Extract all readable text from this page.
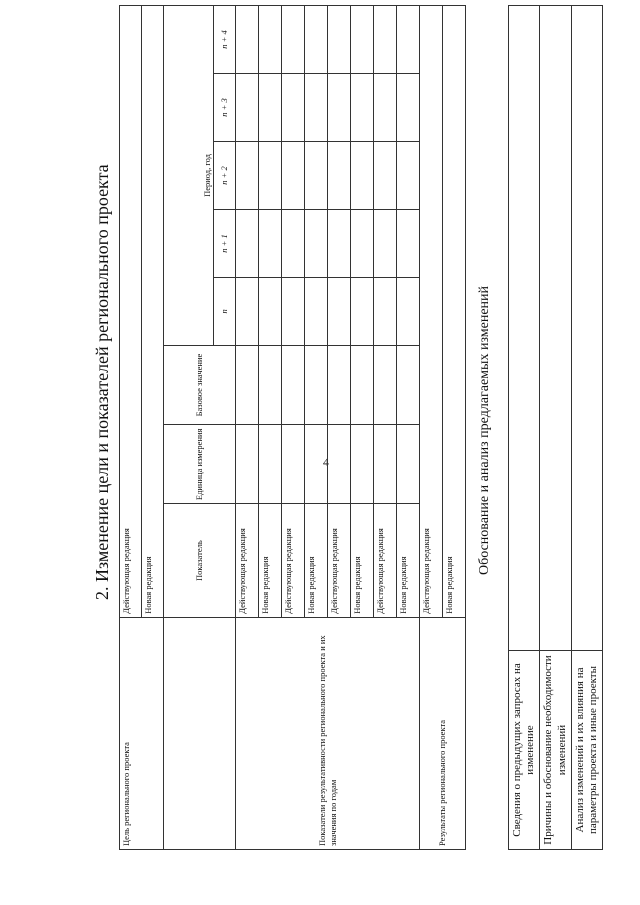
4
2. Изменение цели и показателей регионального проекта
Цель регионального проекта	Действующая редакция							
	Новая редакция							
	Показатель	Единица измерения	Базовое значение	Период, год				
				n	n + 1	n + 2	n + 3	n + 4
Показатели результативности регионального проекта и их значения по годам	Действующая редакция							
	Новая редакция							
	Действующая редакция							
	Новая редакция							
	Действующая редакция							
	Новая редакция							
	Действующая редакция							
	Новая редакция							
Результаты регионального проекта	Действующая редакция							
	Новая редакция							
Обоснование и анализ предлагаемых изменений
Сведения о предыдущих запросах на изменение	
Причины и обоснование необходимости изменений	
Анализ изменений и их влияния на параметры проекта и иные проекты	
